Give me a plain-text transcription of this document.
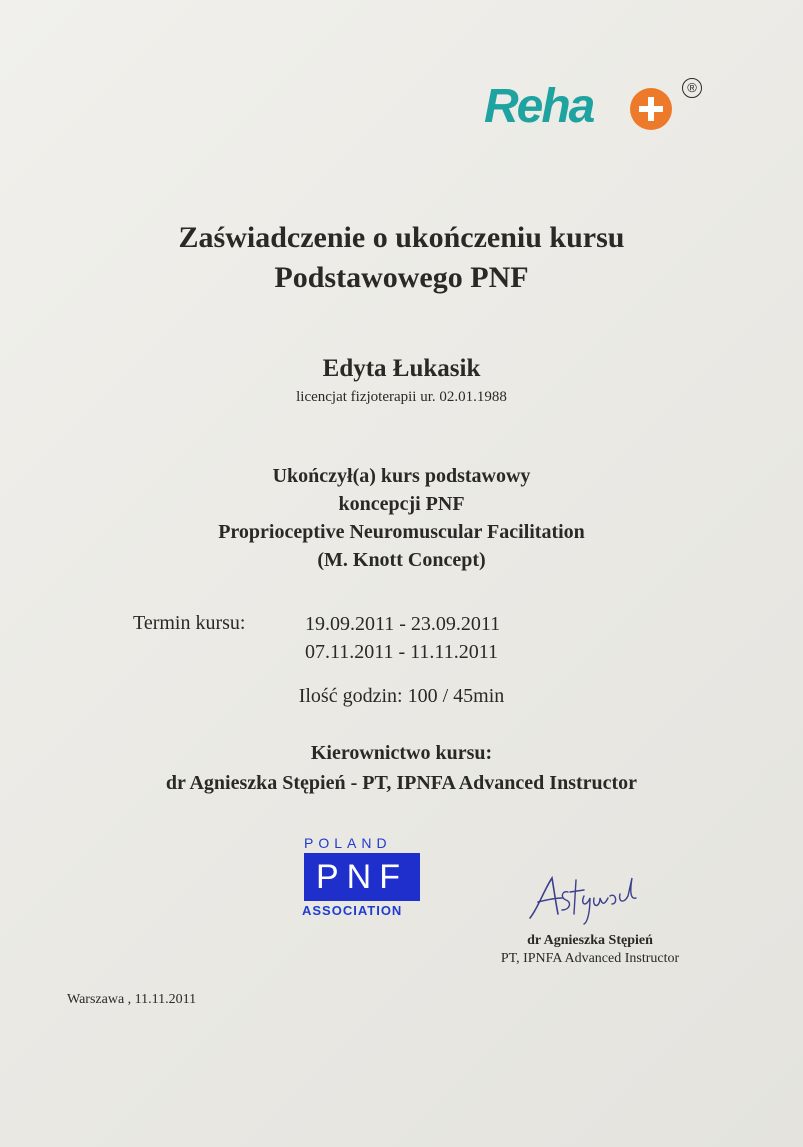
Reha	®
Zaświadczenie o ukończeniu kursu
Podstawowego PNF
Edyta Łukasik
licencjat fizjoterapii ur. 02.01.1988
Ukończył(a) kurs podstawowy
koncepcji PNF
Proprioceptive Neuromuscular Facilitation
(M. Knott Concept)
Termin kursu:	19.09.2011 - 23.09.2011
07.11.2011 - 11.11.2011
Ilość godzin: 100 / 45min
Kierownictwo kursu:
dr Agnieszka Stępień - PT, IPNFA Advanced Instructor
POLAND
PNF
ASSOCIATION
dr Agnieszka Stępień
PT, IPNFA Advanced Instructor
Warszawa , 11.11.2011
